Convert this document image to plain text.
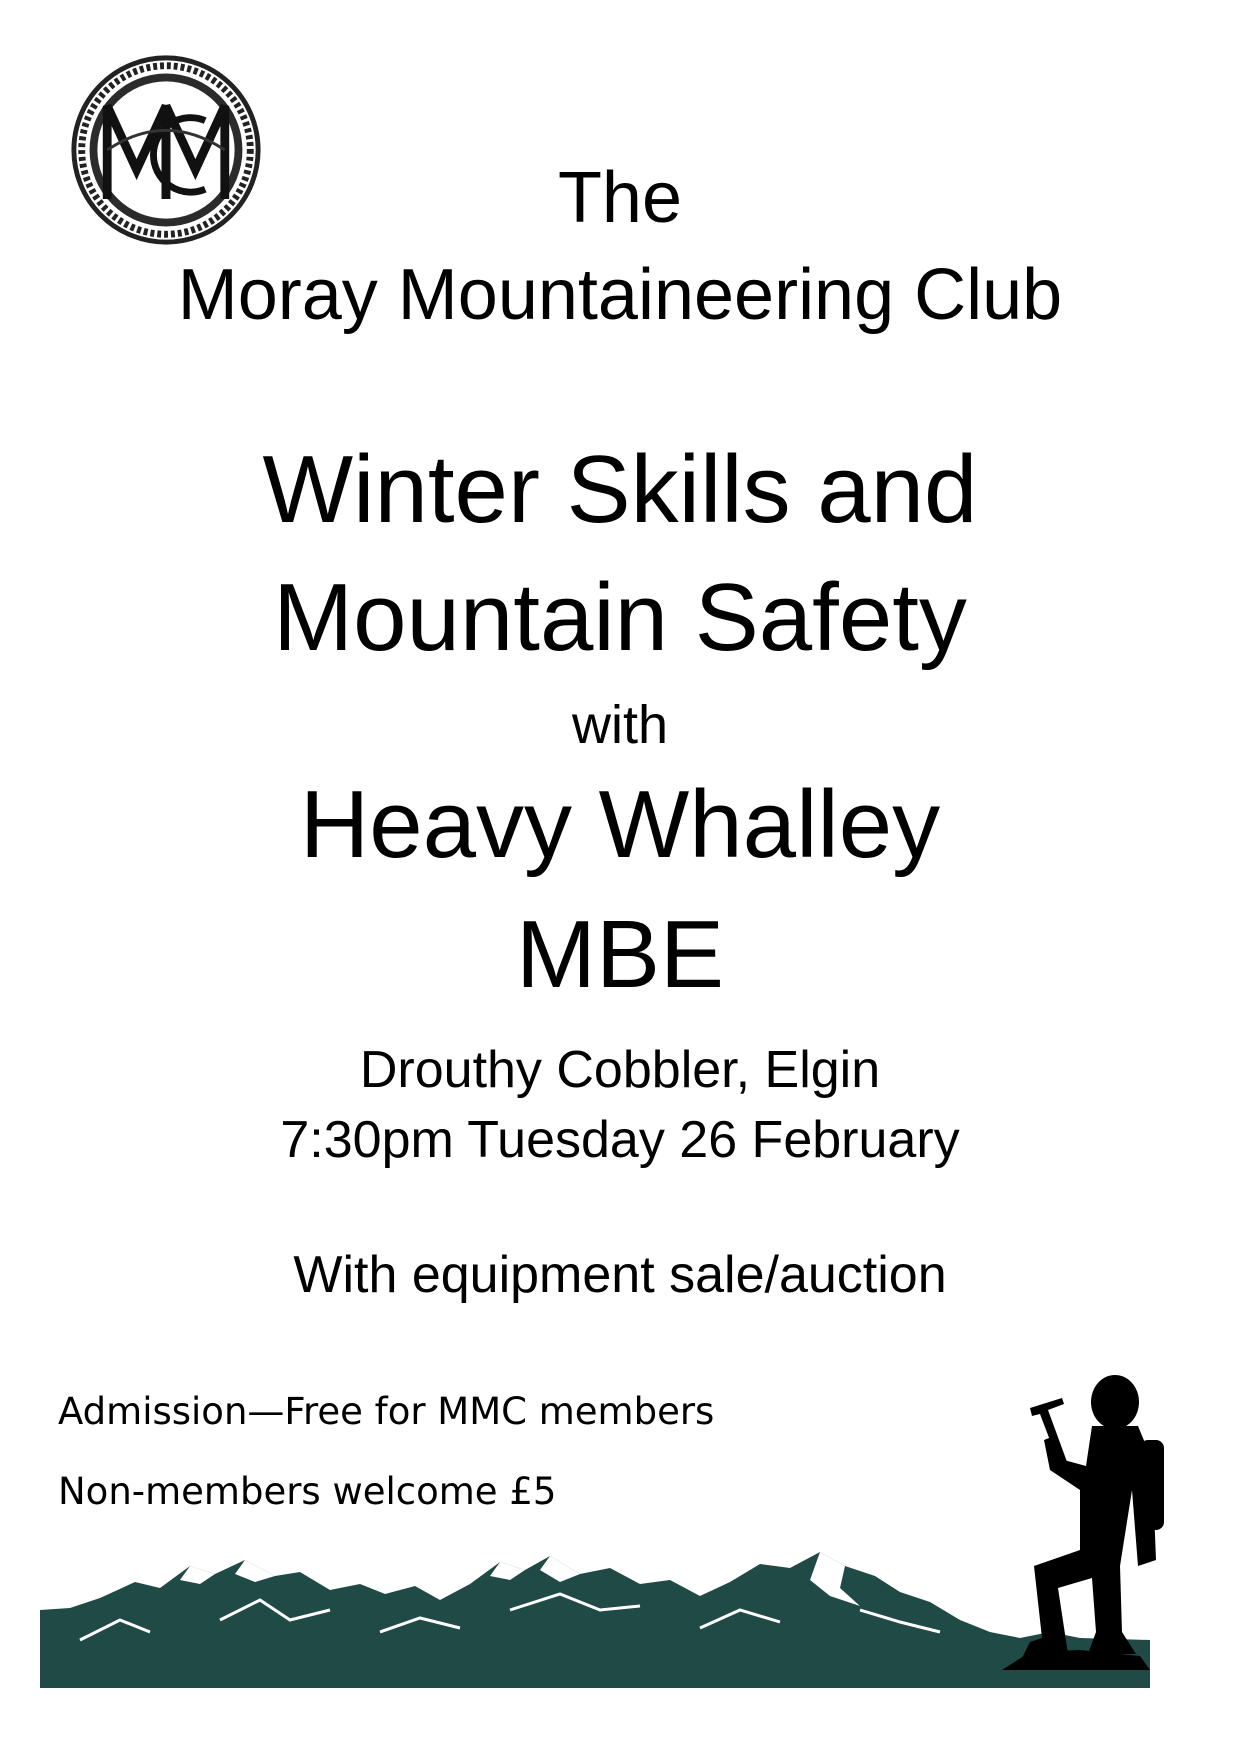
The
Moray Mountaineering Club
Winter Skills and
Mountain Safety
with
Heavy Whalley
MBE
Drouthy Cobbler, Elgin
7:30pm Tuesday 26 February
With equipment sale/auction
Admission—Free for MMC members
Non-members welcome £5
